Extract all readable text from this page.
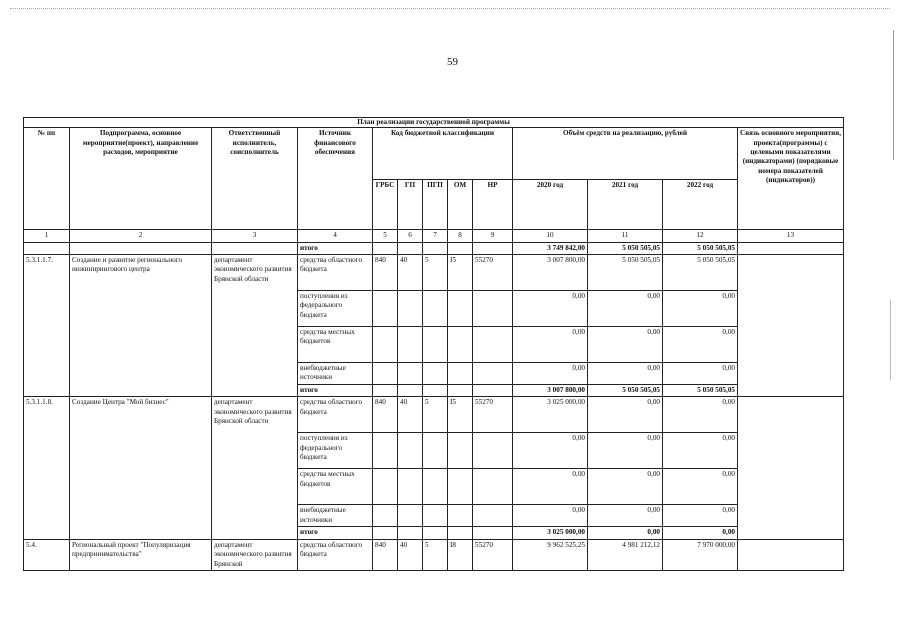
59
План реализации государственной программы												
№ пп	Подпрограмма, основное мероприятие(проект), направление расходов, мероприятие	Ответственный исполнитель, соисполнитель	Источник финансового обеспечения	Код бюджетной классификации					Объём средств на реализацию, рублей			Связь основного мероприятия, проекта(программы) с целевыми показателями (индикаторами) (порядковые номера показателей (индикаторов))
				ГРБС	ГП	ПГП	ОМ	НР	2020 год	2021 год	2022 год	
1	2	3	4	5	6	7	8	9	10	11	12	13
			итого						3 749 842,00	5 050 505,05	5 050 505,05	
5.3.1.1.7.	Создание и развитие регионального инжинирингового центра	департамент экономического развития Брянской области	средства областного бюджета	840	40	5	I5	55270	3 007 800,00	5 050 505,05	5 050 505,05	
			поступления из федерального бюджета						0,00	0,00	0,00	
			средства местных бюджетов						0,00	0,00	0,00	
			внебюджетные источники						0,00	0,00	0,00	
			итого						3 007 800,00	5 050 505,05	5 050 505,05	
5.3.1.1.8.	Создание Центра "Мой бизнес"	департамент экономического развития Брянской области	средства областного бюджета	840	40	5	I5	55270	3 025 000,00	0,00	0,00	
			поступления из федерального бюджета						0,00	0,00	0,00	
			средства местных бюджетов						0,00	0,00	0,00	
			внебюджетные источники						0,00	0,00	0,00	
			итого						3 025 000,00	0,00	0,00	
5.4.	Региональный проект "Популяризация предпринимательства"	департамент экономического развития Брянской	средства областного бюджета	840	40	5	I8	55270	9 962 525,25	4 981 212,12	7 970 000,00	
